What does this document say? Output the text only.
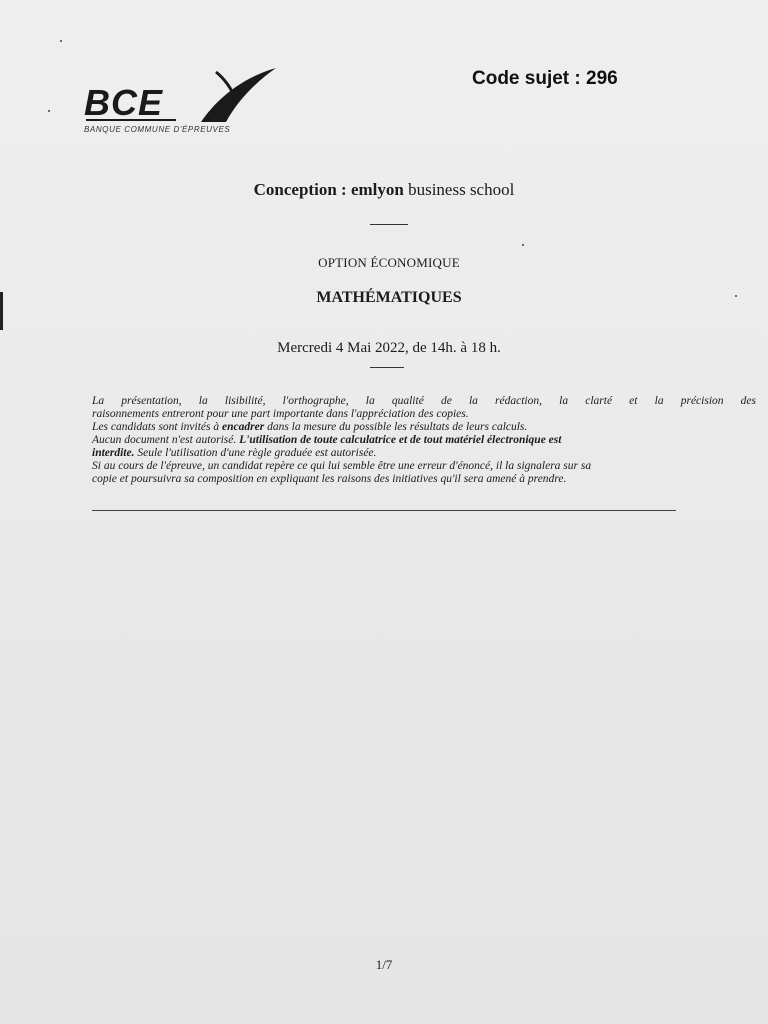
BCE
BANQUE COMMUNE D'ÉPREUVES
Code sujet : 296
Conception : emlyon business school
OPTION ÉCONOMIQUE
MATHÉMATIQUES
Mercredi 4 Mai 2022, de 14h. à 18 h.

La présentation, la lisibilité, l'orthographe, la qualité de la rédaction, la clarté et la précision des

raisonnements entreront pour une part importante dans l'appréciation des copies.

Les candidats sont invités à encadrer dans la mesure du possible les résultats de leurs calculs.

Aucun document n'est autorisé. L'utilisation de toute calculatrice et de tout matériel électronique est

interdite. Seule l'utilisation d'une règle graduée est autorisée.

Si au cours de l'épreuve, un candidat repère ce qui lui semble être une erreur d'énoncé, il la signalera sur sa

copie et poursuivra sa composition en expliquant les raisons des initiatives qu'il sera amené à prendre.

1/7
